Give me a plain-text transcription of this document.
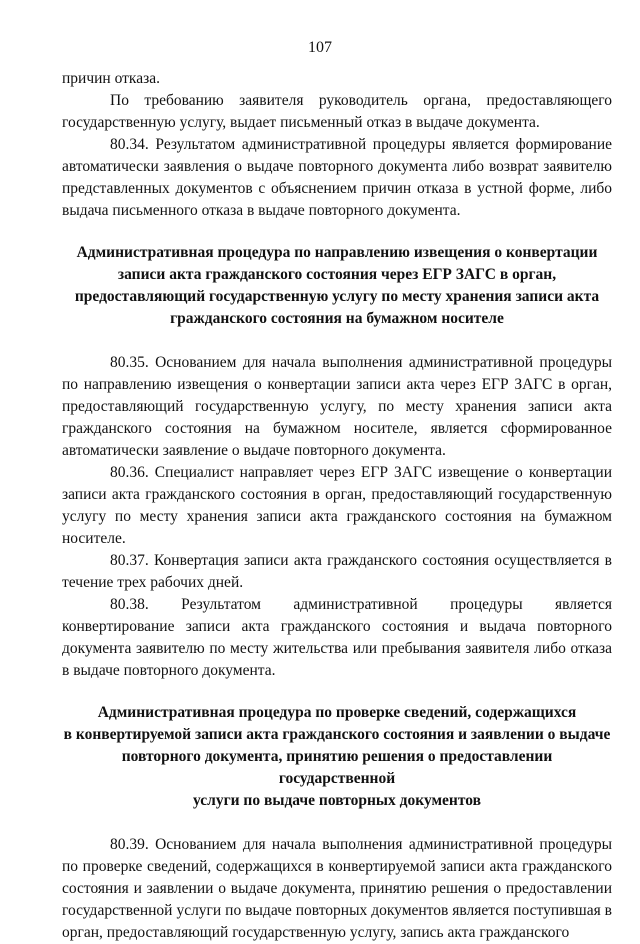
107

причин отказа.

По требованию заявителя руководитель органа, предоставляющего государственную услугу, выдает письменный отказ в выдаче документа.

80.34. Результатом административной процедуры является формирование автоматически заявления о выдаче повторного документа либо возврат заявителю представленных документов с объяснением причин отказа в устной форме, либо выдача письменного отказа в выдаче повторного документа.

Административная процедура по направлению извещения о конвертации
записи акта гражданского состояния через ЕГР ЗАГС в орган,
предоставляющий государственную услугу по месту хранения записи акта
гражданского состояния на бумажном носителе

80.35. Основанием для начала выполнения административной процедуры по направлению извещения о конвертации записи акта через ЕГР ЗАГС в орган, предоставляющий государственную услугу, по месту хранения записи акта гражданского состояния на бумажном носителе, является сформированное автоматически заявление о выдаче повторного документа.

80.36. Специалист направляет через ЕГР ЗАГС извещение о конвертации записи акта гражданского состояния в орган, предоставляющий государственную услугу по месту хранения записи акта гражданского состояния на бумажном носителе.

80.37. Конвертация записи акта гражданского состояния осуществляется в течение трех рабочих дней.

80.38. Результатом административной процедуры является конвертирование записи акта гражданского состояния и выдача повторного документа заявителю по месту жительства или пребывания заявителя либо отказа в выдаче повторного документа.

Административная процедура по проверке сведений, содержащихся
в конвертируемой записи акта гражданского состояния и заявлении о выдаче
повторного документа, принятию решения о предоставлении государственной
услуги по выдаче повторных документов

80.39. Основанием для начала выполнения административной процедуры по проверке сведений, содержащихся в конвертируемой записи акта гражданского состояния и заявлении о выдаче документа, принятию решения о предоставлении государственной услуги по выдаче повторных документов является поступившая в орган, предоставляющий государственную услугу, запись акта гражданского
